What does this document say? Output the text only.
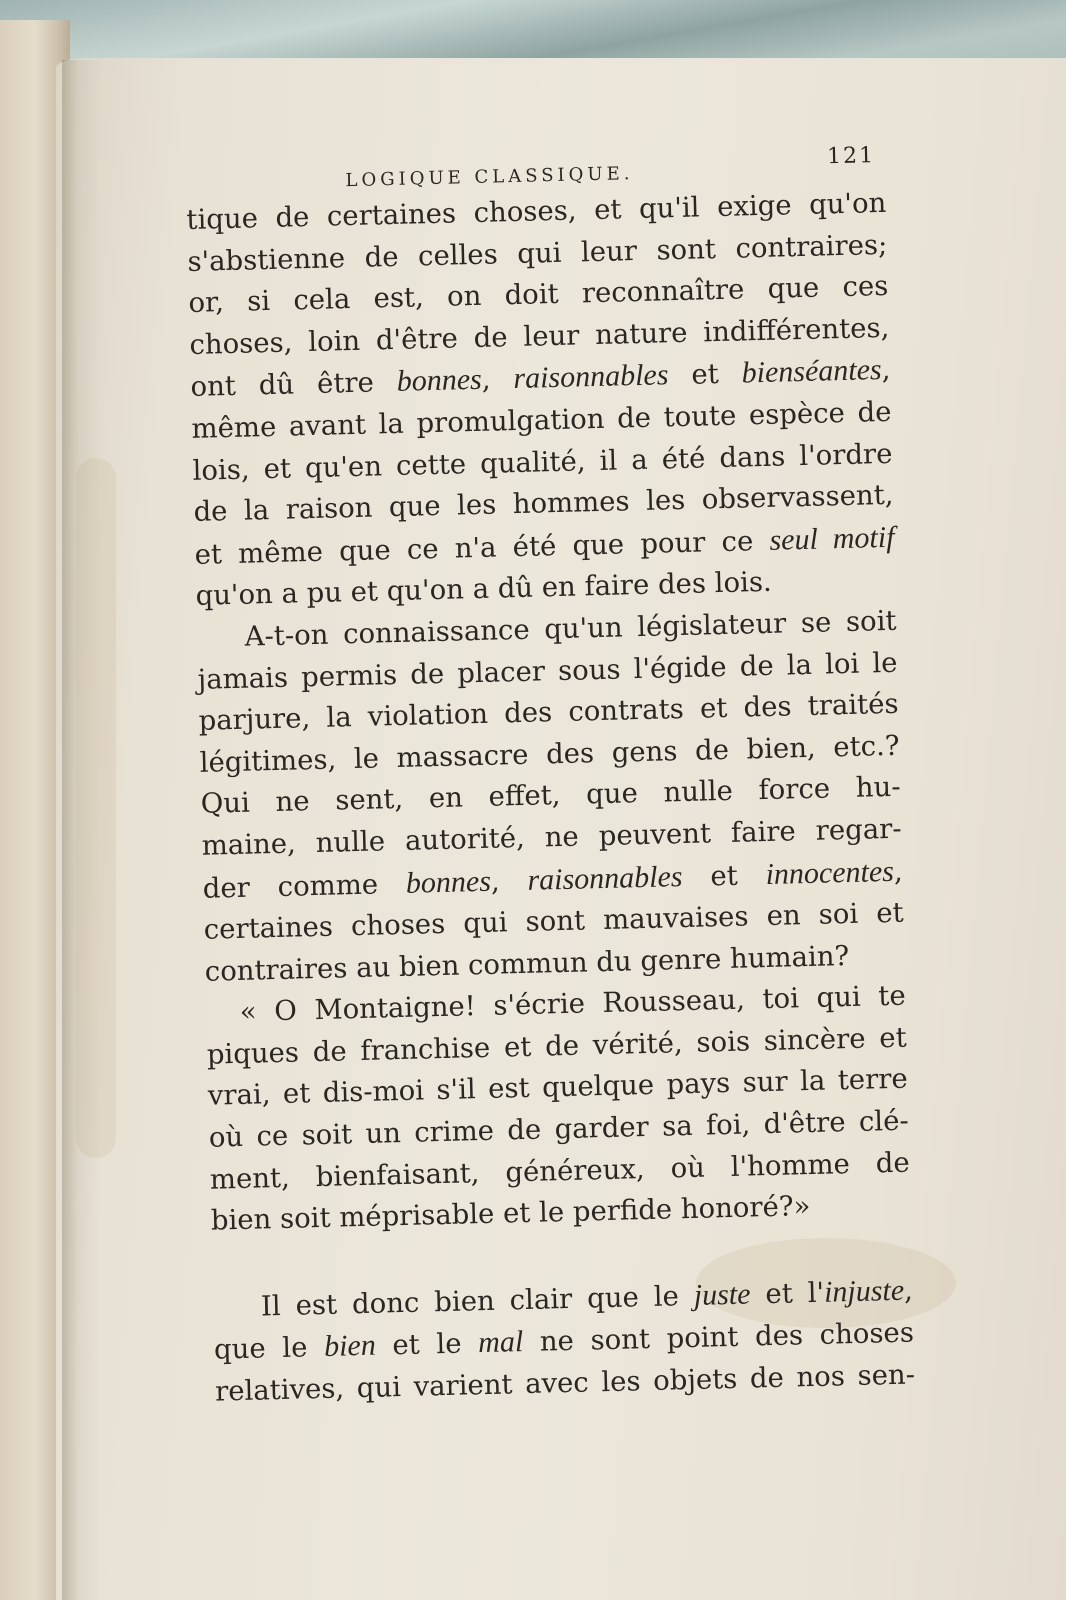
LOGIQUE CLASSIQUE.
121

tique de certaines choses, et qu'il exige qu'on
s'abstienne de celles qui leur sont contraires;
or, si cela est, on doit reconnaître que ces
choses, loin d'être de leur nature indifférentes,
ont dû être bonnes, raisonnables et bienséantes,
même avant la promulgation de toute espèce de
lois, et qu'en cette qualité, il a été dans l'ordre
de la raison que les hommes les observassent,
et même que ce n'a été que pour ce seul motif
qu'on a pu et qu'on a dû en faire des lois.

A-t-on connaissance qu'un législateur se soit
jamais permis de placer sous l'égide de la loi le
parjure, la violation des contrats et des traités
légitimes, le massacre des gens de bien, etc.?
Qui ne sent, en effet, que nulle force hu-
maine, nulle autorité, ne peuvent faire regar-
der comme bonnes, raisonnables et innocentes,
certaines choses qui sont mauvaises en soi et
contraires au bien commun du genre humain?

« O Montaigne! s'écrie Rousseau, toi qui te
piques de franchise et de vérité, sois sincère et
vrai, et dis-moi s'il est quelque pays sur la terre
où ce soit un crime de garder sa foi, d'être clé-
ment, bienfaisant, généreux, où l'homme de
bien soit méprisable et le perfide honoré?»

Il est donc bien clair que le juste et l'injuste,
que le bien et le mal ne sont point des choses
relatives, qui varient avec les objets de nos sen-
